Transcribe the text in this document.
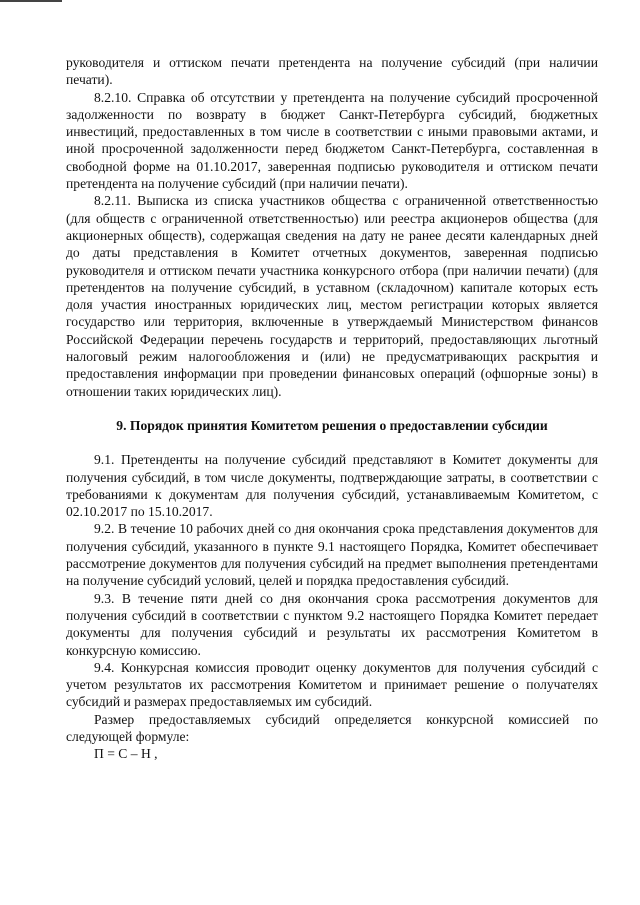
руководителя и оттиском печати претендента на получение субсидий (при наличии печати).

8.2.10. Справка об отсутствии у претендента на получение субсидий просроченной задолженности по возврату в бюджет Санкт-Петербурга субсидий, бюджетных инвестиций, предоставленных в том числе в соответствии с иными правовыми актами, и иной просроченной задолженности перед бюджетом Санкт-Петербурга, составленная в свободной форме на 01.10.2017, заверенная подписью руководителя и оттиском печати претендента на получение субсидий (при наличии печати).

8.2.11. Выписка из списка участников общества с ограниченной ответственностью (для обществ с ограниченной ответственностью) или реестра акционеров общества (для акционерных обществ), содержащая сведения на дату не ранее десяти календарных дней до даты представления в Комитет отчетных документов, заверенная подписью руководителя и оттиском печати участника конкурсного отбора (при наличии печати) (для претендентов на получение субсидий, в уставном (складочном) капитале которых есть доля участия иностранных юридических лиц, местом регистрации которых является государство или территория, включенные в утверждаемый Министерством финансов Российской Федерации перечень государств и территорий, предоставляющих льготный налоговый режим налогообложения и (или) не предусматривающих раскрытия и предоставления информации при проведении финансовых операций (офшорные зоны) в отношении таких юридических лиц).

9. Порядок принятия Комитетом решения о предоставлении субсидии

9.1. Претенденты на получение субсидий представляют в Комитет документы для получения субсидий, в том числе документы, подтверждающие затраты, в соответствии с требованиями к документам для получения субсидий, устанавливаемым Комитетом, с 02.10.2017 по 15.10.2017.

9.2. В течение 10 рабочих дней со дня окончания срока представления документов для получения субсидий, указанного в пункте 9.1 настоящего Порядка, Комитет обеспечивает рассмотрение документов для получения субсидий на предмет выполнения претендентами на получение субсидий условий, целей и порядка предоставления субсидий.

9.3. В течение пяти дней со дня окончания срока рассмотрения документов для получения субсидий в соответствии с пунктом 9.2 настоящего Порядка Комитет передает документы для получения субсидий и результаты их рассмотрения Комитетом в конкурсную комиссию.

9.4. Конкурсная комиссия проводит оценку документов для получения субсидий с учетом результатов их рассмотрения Комитетом и принимает решение о получателях субсидий и размерах предоставляемых им субсидий.

Размер предоставляемых субсидий определяется конкурсной комиссией по следующей формуле:

П = С – Н ,
